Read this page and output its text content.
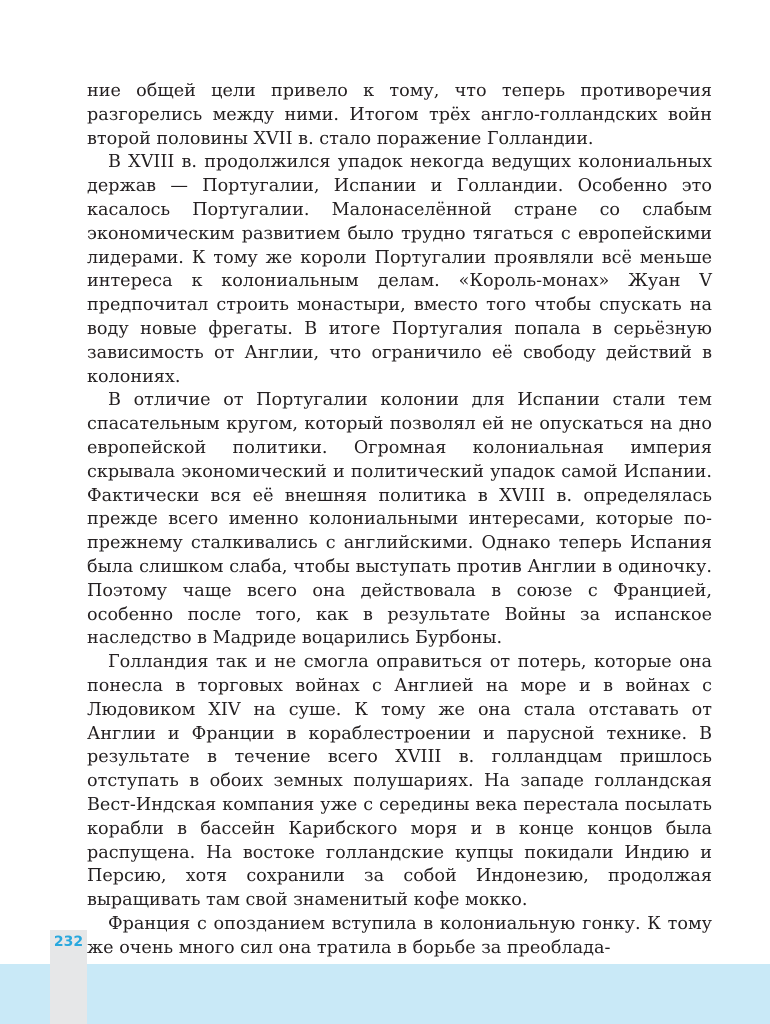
ние общей цели привело к тому, что теперь противоречия разгорелись между ними. Итогом трёх англо-голландских войн второй половины XVII в. стало поражение Голландии.

В XVIII в. продолжился упадок некогда ведущих колониальных держав — Португалии, Испании и Голландии. Особенно это касалось Португалии. Малонаселённой стране со слабым экономическим развитием было трудно тягаться с европейскими лидерами. К тому же короли Португалии проявляли всё меньше интереса к колониальным делам. «Король-монах» Жуан V предпочитал строить монастыри, вместо того чтобы спускать на воду новые фрегаты. В итоге Португалия попала в серьёзную зависимость от Англии, что ограничило её свободу действий в колониях.

В отличие от Португалии колонии для Испании стали тем спасательным кругом, который позволял ей не опускаться на дно европейской политики. Огромная колониальная империя скрывала экономический и политический упадок самой Испании. Фактически вся её внешняя политика в XVIII в. определялась прежде всего именно колониальными интересами, которые по-прежнему сталкивались с английскими. Однако теперь Испания была слишком слаба, чтобы выступать против Англии в одиночку. Поэтому чаще всего она действовала в союзе с Францией, особенно после того, как в результате Войны за испанское наследство в Мадриде воцарились Бурбоны.

Голландия так и не смогла оправиться от потерь, которые она понесла в торговых войнах с Англией на море и в войнах с Людовиком XIV на суше. К тому же она стала отставать от Англии и Франции в кораблестроении и парусной технике. В результате в течение всего XVIII в. голландцам пришлось отступать в обоих земных полушариях. На западе голландская Вест-Индская компания уже с середины века перестала посылать корабли в бассейн Карибского моря и в конце концов была распущена. На востоке голландские купцы покидали Индию и Персию, хотя сохранили за собой Индонезию, продолжая выращивать там свой знаменитый кофе мокко.

Франция с опозданием вступила в колониальную гонку. К тому же очень много сил она тратила в борьбе за преоблада-

232
